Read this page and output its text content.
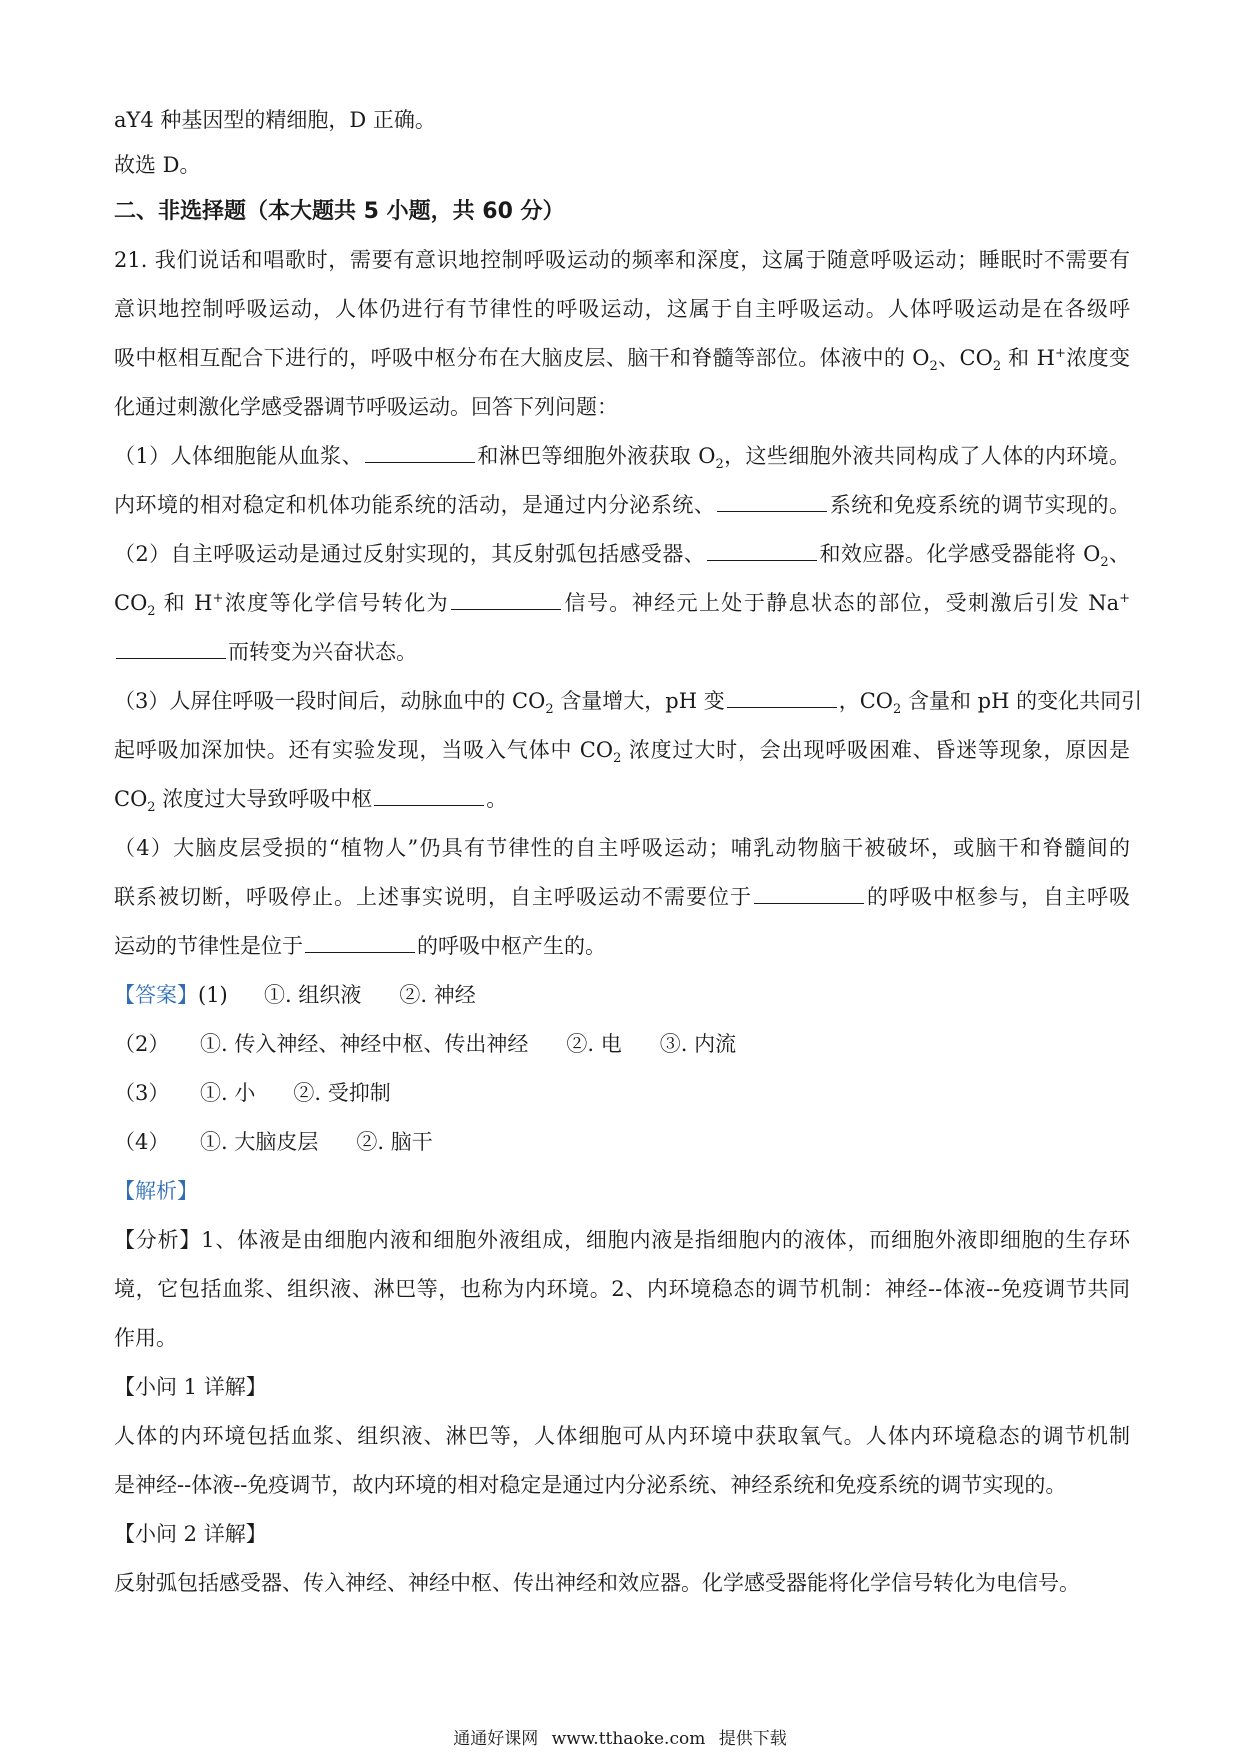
aY4 种基因型的精细胞，D 正确。
故选 D。
二、非选择题（本大题共 5 小题，共 60 分）
21. 我们说话和唱歌时，需要有意识地控制呼吸运动的频率和深度，这属于随意呼吸运动；睡眠时不需要有
意识地控制呼吸运动，人体仍进行有节律性的呼吸运动，这属于自主呼吸运动。人体呼吸运动是在各级呼
吸中枢相互配合下进行的，呼吸中枢分布在大脑皮层、脑干和脊髓等部位。体液中的 $O_2$、$CO_2$ 和 H+浓度变
化通过刺激化学感受器调节呼吸运动。回答下列问题：
（1）人体细胞能从血浆、	和淋巴等细胞外液获取 $O_2$，这些细胞外液共同构成了人体的内环境。
内环境的相对稳定和机体功能系统的活动，是通过内分泌系统、	系统和免疫系统的调节实现的。
（2）自主呼吸运动是通过反射实现的，其反射弧包括感受器、	和效应器。化学感受器能将 $O_2$、
$CO_2$ 和 H+浓度等化学信号转化为	信号。神经元上处于静息状态的部位，受刺激后引发 Na+
而转变为兴奋状态。
（3）人屏住呼吸一段时间后，动脉血中的 $CO_2$ 含量增大，pH 变	，$CO_2$ 含量和 pH 的变化共同引
起呼吸加深加快。还有实验发现，当吸入气体中 $CO_2$ 浓度过大时，会出现呼吸困难、昏迷等现象，原因是
$CO_2$ 浓度过大导致呼吸中枢	。
（4）大脑皮层受损的“植物人”仍具有节律性的自主呼吸运动；哺乳动物脑干被破坏，或脑干和脊髓间的
联系被切断，呼吸停止。上述事实说明，自主呼吸运动不需要位于	的呼吸中枢参与，自主呼吸
运动的节律性是位于	的呼吸中枢产生的。
【答案】(1) ①. 组织液 ②. 神经
（2） ①. 传入神经、神经中枢、传出神经 ②. 电 ③. 内流
（3） ①. 小 ②. 受抑制
（4） ①. 大脑皮层 ②. 脑干
【解析】
【分析】1、体液是由细胞内液和细胞外液组成，细胞内液是指细胞内的液体，而细胞外液即细胞的生存环
境，它包括血浆、组织液、淋巴等，也称为内环境。2、内环境稳态的调节机制：神经--体液--免疫调节共同
作用。
【小问 1 详解】
人体的内环境包括血浆、组织液、淋巴等，人体细胞可从内环境中获取氧气。人体内环境稳态的调节机制
是神经--体液--免疫调节，故内环境的相对稳定是通过内分泌系统、神经系统和免疫系统的调节实现的。
【小问 2 详解】
反射弧包括感受器、传入神经、神经中枢、传出神经和效应器。化学感受器能将化学信号转化为电信号。
通通好课网 www.tthaoke.com 提供下载
